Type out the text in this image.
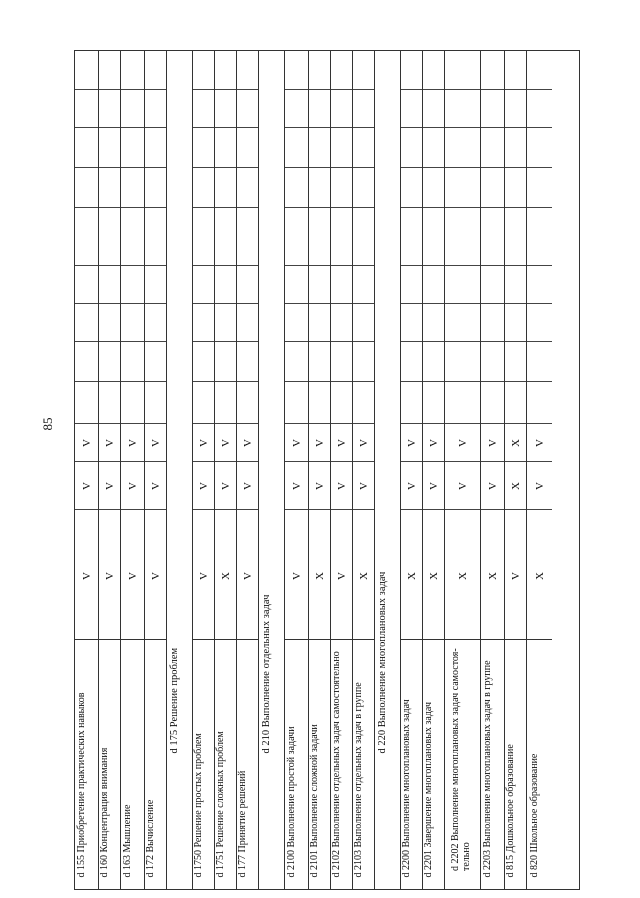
85
V
V
V
d 155 Приобретение практических навыков
V
V
V
d 160 Концентрация внимания
V
V
V
d 163 Мышление
V
V
V
d 172 Вычисление
d 175 Решение проблем
V
V
V
d 1750 Решение простых проблем
V
V
X
d 1751 Решение сложных проблем
V
V
V
d 177 Принятие решений
d 210 Выполнение отдельных задач
V
V
V
d 2100 Выполнение простой задачи
V
V
X
d 2101 Выполнение сложной задачи
V
V
V
d 2102 Выполнение отдельных задач самостоятельно
V
V
X
d 2103 Выполнение отдельных задач в группе
d 220 Выполнение многоплановых задач
V
V
X
d 2200 Выполнение многоплановых задач
V
V
X
d 2201 Завершение многоплановых задач
V
V
X
d 2202 Выполнение многоплановых задач самостоя-тельно
V
V
X
d 2203 Выполнение многоплановых задач в группе
X
X
V
d 815 Дошкольное образование
V
V
X
d 820 Школьное образование
